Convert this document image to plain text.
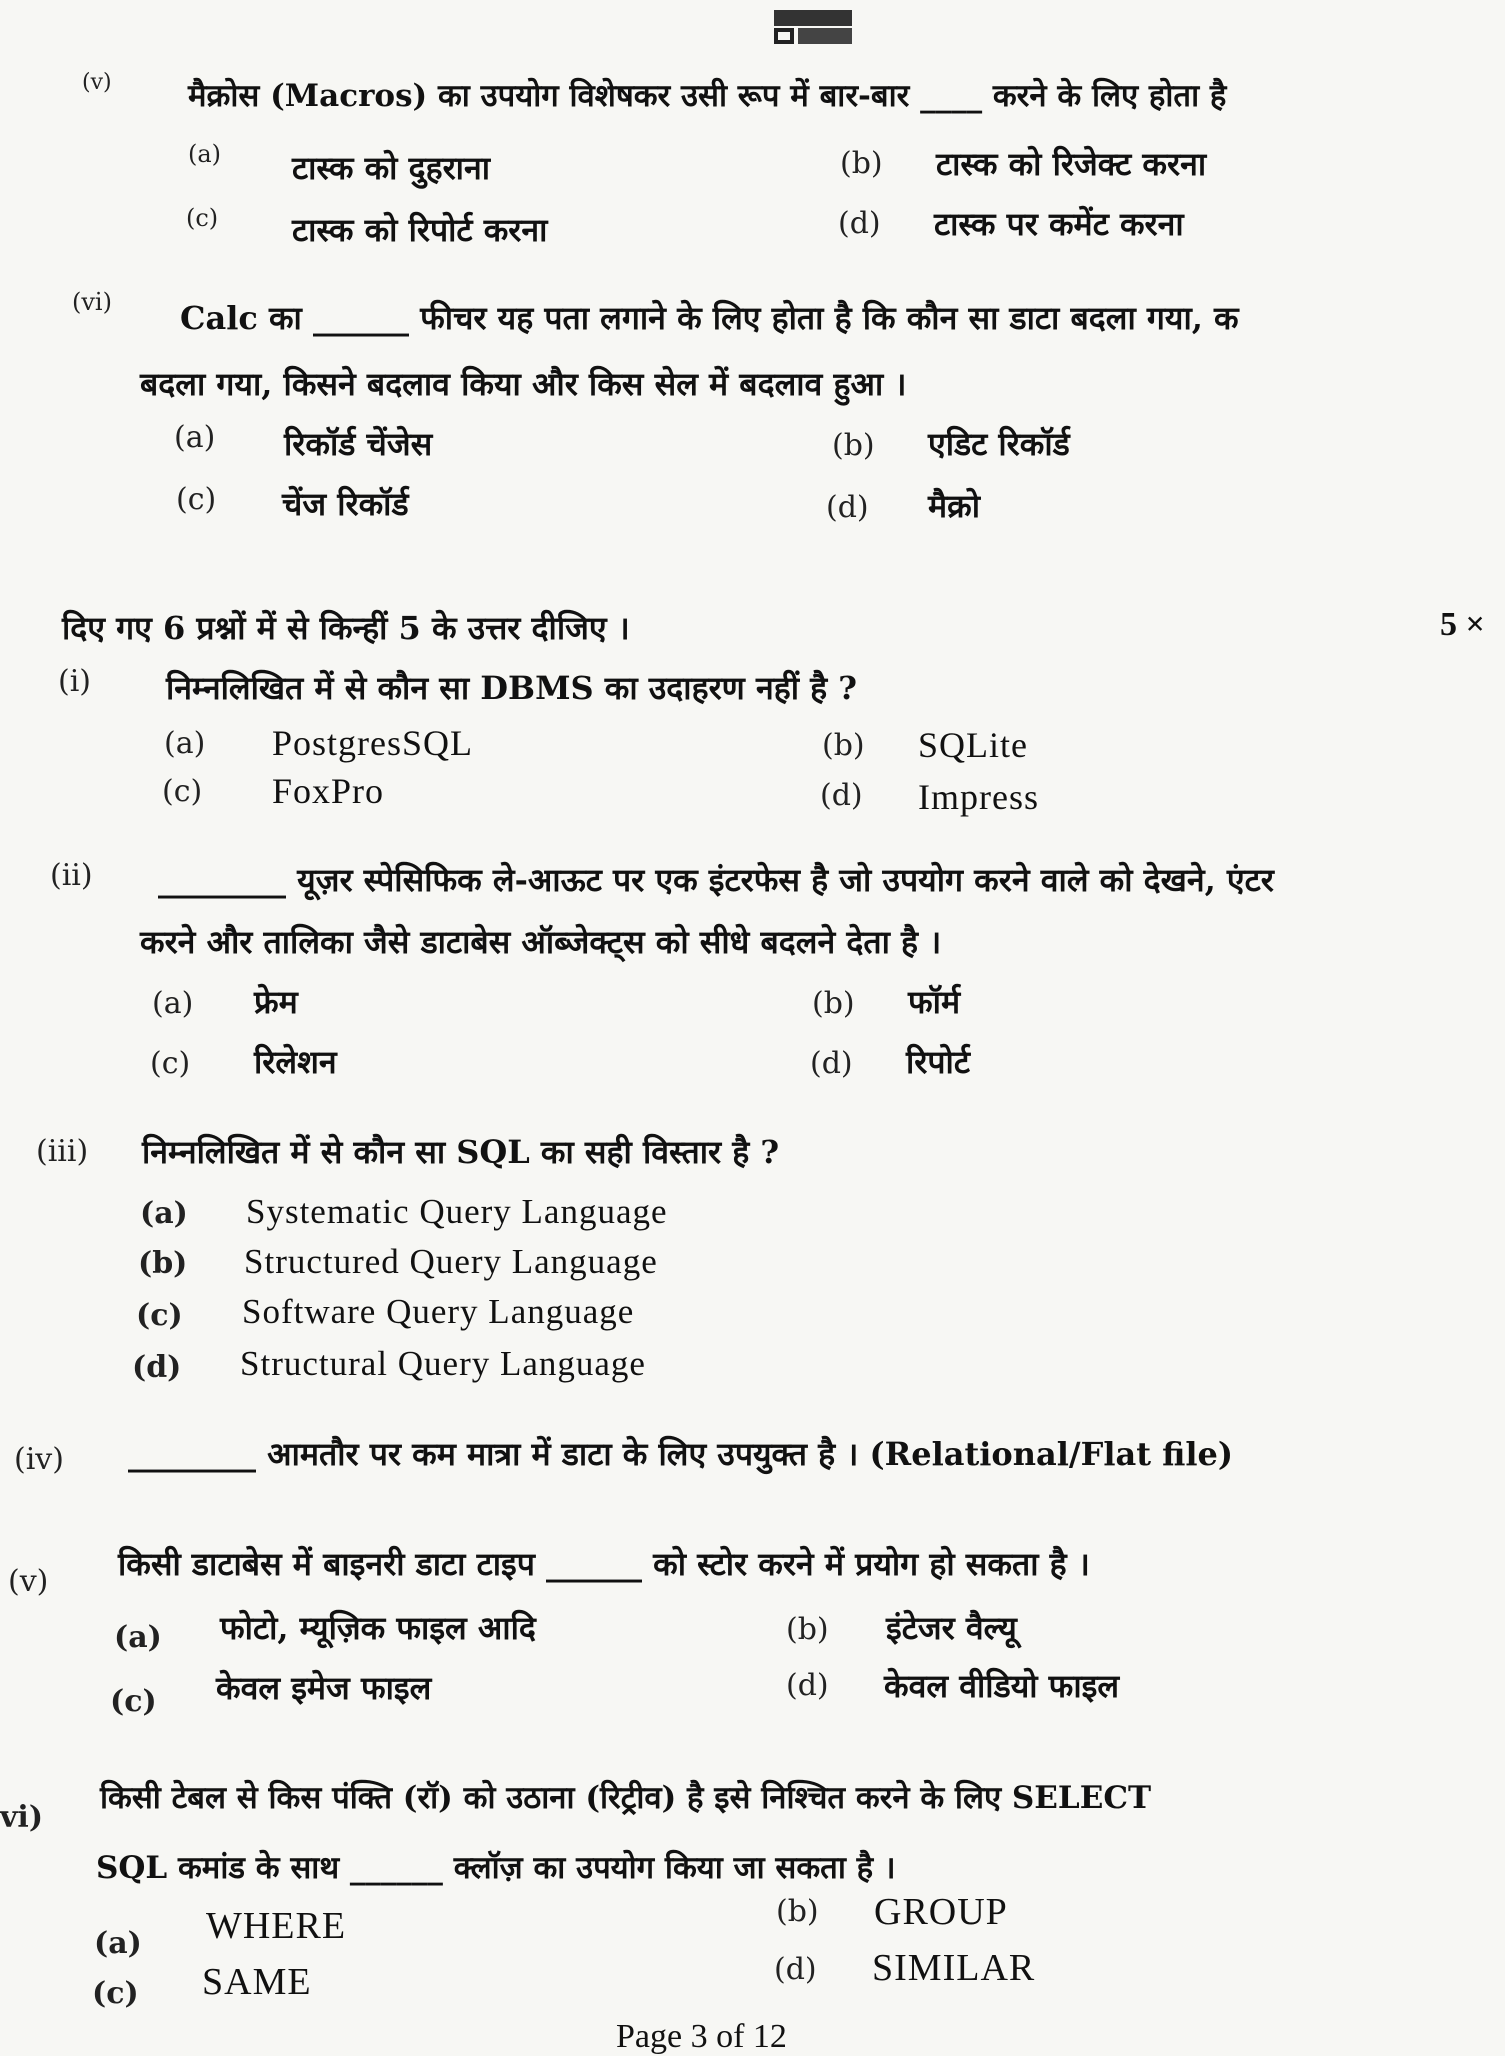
(v) मैक्रोस (Macros) का उपयोग विशेषकर उसी रूप में बार-बार ____ करने के लिए होता है
(a) टास्क को दुहराना	(b) टास्क को रिजेक्ट करना
(c) टास्क को रिपोर्ट करना	(d) टास्क पर कमेंट करना
(vi) Calc का ______ फीचर यह पता लगाने के लिए होता है कि कौन सा डाटा बदला गया, क
बदला गया, किसने बदलाव किया और किस सेल में बदलाव हुआ ।
(a) रिकॉर्ड चेंजेस	(b) एडिट रिकॉर्ड
(c) चेंज रिकॉर्ड	(d) मैक्रो
दिए गए 6 प्रश्नों में से किन्हीं 5 के उत्तर दीजिए ।	5 ×
(i) निम्नलिखित में से कौन सा DBMS का उदाहरण नहीं है ?
(a) PostgresSQL	(b) SQLite
(c) FoxPro	(d) Impress
(ii) ________ यूज़र स्पेसिफिक ले-आऊट पर एक इंटरफेस है जो उपयोग करने वाले को देखने, एंटर
करने और तालिका जैसे डाटाबेस ऑब्जेक्ट्स को सीधे बदलने देता है ।
(a) फ्रेम	(b) फॉर्म
(c) रिलेशन	(d) रिपोर्ट
(iii) निम्नलिखित में से कौन सा SQL का सही विस्तार है ?
(a) Systematic Query Language
(b) Structured Query Language
(c) Software Query Language
(d) Structural Query Language
(iv) ________ आमतौर पर कम मात्रा में डाटा के लिए उपयुक्त है । (Relational/Flat file)
(v) किसी डाटाबेस में बाइनरी डाटा टाइप ______ को स्टोर करने में प्रयोग हो सकता है ।
(a) फोटो, म्यूज़िक फाइल आदि	(b) इंटेजर वैल्यू
(c) केवल इमेज फाइल	(d) केवल वीडियो फाइल
vi)
किसी टेबल से किस पंक्ति (रॉ) को उठाना (रिट्रीव) है इसे निश्चित करने के लिए SELECT
SQL कमांड के साथ ______ क्लॉज़ का उपयोग किया जा सकता है ।
(a) WHERE	(b) GROUP
(c) SAME	(d) SIMILAR
Page 3 of 12
